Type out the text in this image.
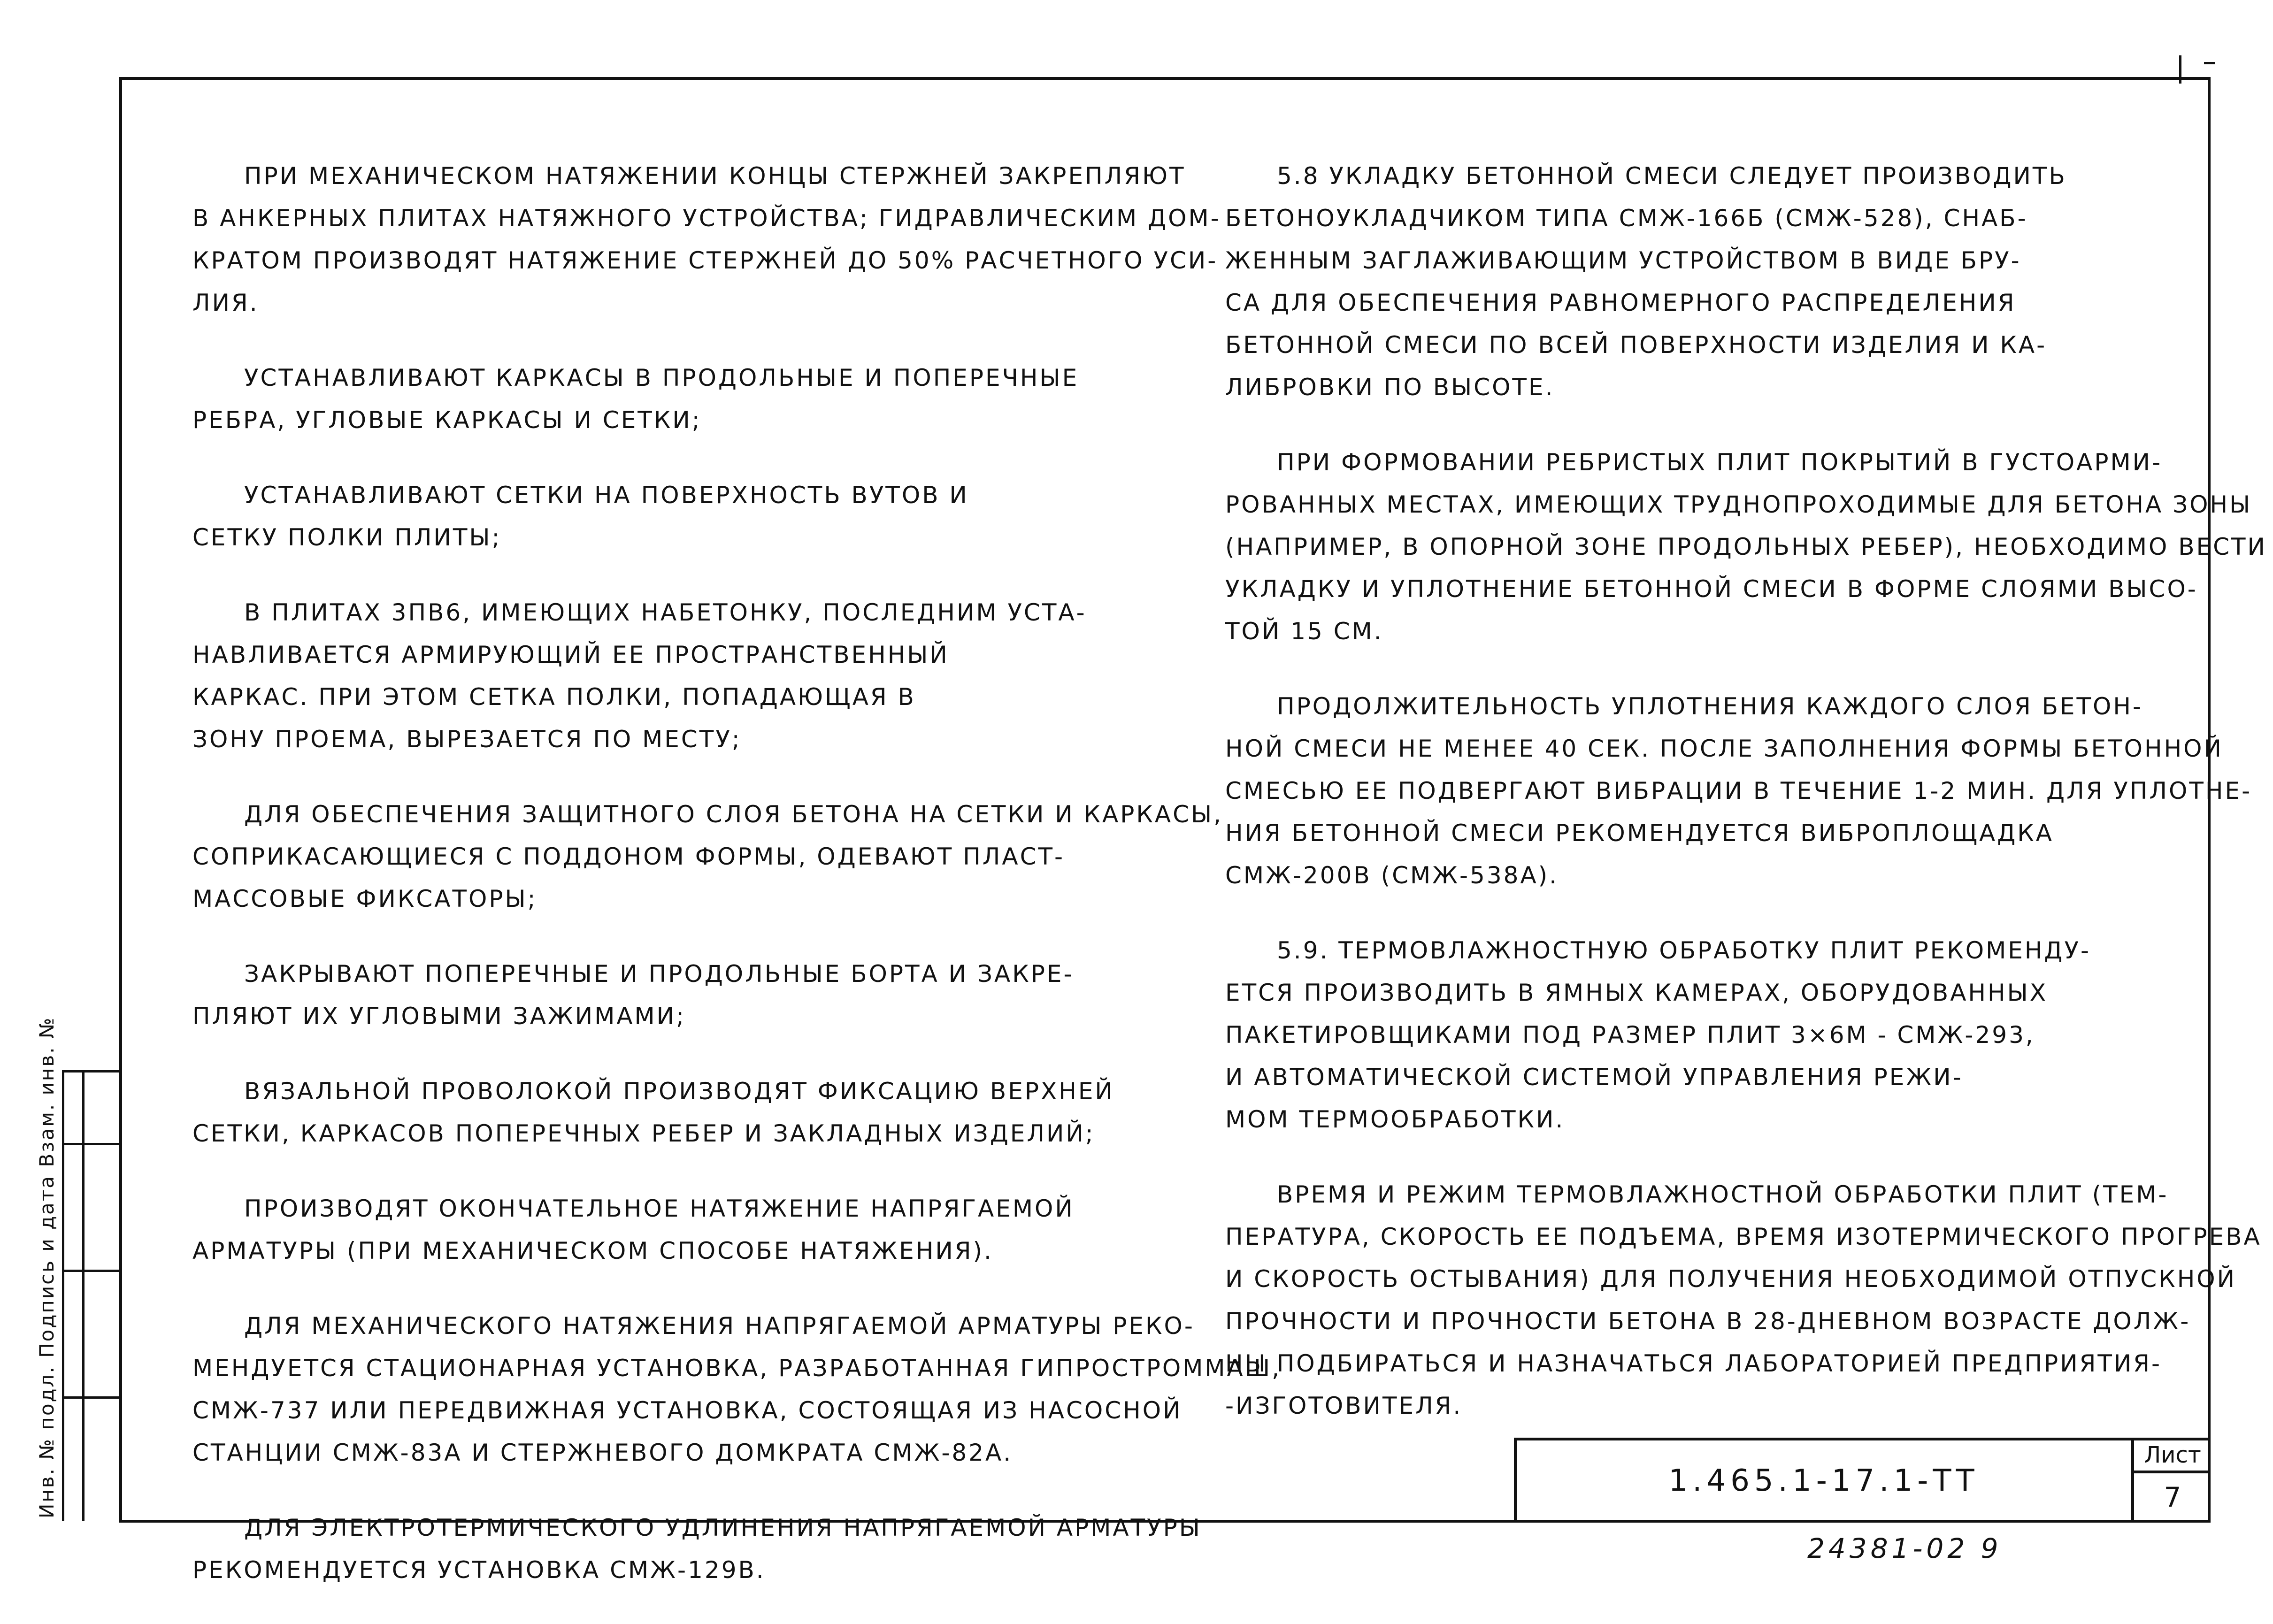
ПРИ МЕХАНИЧЕСКОМ НАТЯЖЕНИИ КОНЦЫ СТЕРЖНЕЙ ЗАКРЕПЛЯЮТ
В АНКЕРНЫХ ПЛИТАХ НАТЯЖНОГО УСТРОЙСТВА; ГИДРАВЛИЧЕСКИМ ДОМ-
КРАТОМ ПРОИЗВОДЯТ НАТЯЖЕНИЕ СТЕРЖНЕЙ ДО 50% РАСЧЕТНОГО УСИ-
ЛИЯ.
УСТАНАВЛИВАЮТ КАРКАСЫ В ПРОДОЛЬНЫЕ И ПОПЕРЕЧНЫЕ
РЕБРА, УГЛОВЫЕ КАРКАСЫ И СЕТКИ;
УСТАНАВЛИВАЮТ СЕТКИ НА ПОВЕРХНОСТЬ ВУТОВ И
СЕТКУ ПОЛКИ ПЛИТЫ;
В ПЛИТАХ 3ПВ6, ИМЕЮЩИХ НАБЕТОНКУ, ПОСЛЕДНИМ УСТА-
НАВЛИВАЕТСЯ АРМИРУЮЩИЙ ЕЕ ПРОСТРАНСТВЕННЫЙ
КАРКАС. ПРИ ЭТОМ СЕТКА ПОЛКИ, ПОПАДАЮЩАЯ В
ЗОНУ ПРОЕМА, ВЫРЕЗАЕТСЯ ПО МЕСТУ;
ДЛЯ ОБЕСПЕЧЕНИЯ ЗАЩИТНОГО СЛОЯ БЕТОНА НА СЕТКИ И КАРКАСЫ,
СОПРИКАСАЮЩИЕСЯ С ПОДДОНОМ ФОРМЫ, ОДЕВАЮТ ПЛАСТ-
МАССОВЫЕ ФИКСАТОРЫ;
ЗАКРЫВАЮТ ПОПЕРЕЧНЫЕ И ПРОДОЛЬНЫЕ БОРТА И ЗАКРЕ-
ПЛЯЮТ ИХ УГЛОВЫМИ ЗАЖИМАМИ;
ВЯЗАЛЬНОЙ ПРОВОЛОКОЙ ПРОИЗВОДЯТ ФИКСАЦИЮ ВЕРХНЕЙ
СЕТКИ, КАРКАСОВ ПОПЕРЕЧНЫХ РЕБЕР И ЗАКЛАДНЫХ ИЗДЕЛИЙ;
ПРОИЗВОДЯТ ОКОНЧАТЕЛЬНОЕ НАТЯЖЕНИЕ НАПРЯГАЕМОЙ
АРМАТУРЫ (ПРИ МЕХАНИЧЕСКОМ СПОСОБЕ НАТЯЖЕНИЯ).
ДЛЯ МЕХАНИЧЕСКОГО НАТЯЖЕНИЯ НАПРЯГАЕМОЙ АРМАТУРЫ РЕКО-
МЕНДУЕТСЯ СТАЦИОНАРНАЯ УСТАНОВКА, РАЗРАБОТАННАЯ ГИПРОСТРОММАШ,
СМЖ-737 ИЛИ ПЕРЕДВИЖНАЯ УСТАНОВКА, СОСТОЯЩАЯ ИЗ НАСОСНОЙ
СТАНЦИИ СМЖ-83А И СТЕРЖНЕВОГО ДОМКРАТА СМЖ-82А.
ДЛЯ ЭЛЕКТРОТЕРМИЧЕСКОГО УДЛИНЕНИЯ НАПРЯГАЕМОЙ АРМАТУРЫ
РЕКОМЕНДУЕТСЯ УСТАНОВКА СМЖ-129В.
5.8 УКЛАДКУ БЕТОННОЙ СМЕСИ СЛЕДУЕТ ПРОИЗВОДИТЬ
БЕТОНОУКЛАДЧИКОМ ТИПА СМЖ-166Б (СМЖ-528), СНАБ-
ЖЕННЫМ ЗАГЛАЖИВАЮЩИМ УСТРОЙСТВОМ В ВИДЕ БРУ-
СА ДЛЯ ОБЕСПЕЧЕНИЯ РАВНОМЕРНОГО РАСПРЕДЕЛЕНИЯ
БЕТОННОЙ СМЕСИ ПО ВСЕЙ ПОВЕРХНОСТИ ИЗДЕЛИЯ И КА-
ЛИБРОВКИ ПО ВЫСОТЕ.
ПРИ ФОРМОВАНИИ РЕБРИСТЫХ ПЛИТ ПОКРЫТИЙ В ГУСТОАРМИ-
РОВАННЫХ МЕСТАХ, ИМЕЮЩИХ ТРУДНОПРОХОДИМЫЕ ДЛЯ БЕТОНА ЗОНЫ
(НАПРИМЕР, В ОПОРНОЙ ЗОНЕ ПРОДОЛЬНЫХ РЕБЕР), НЕОБХОДИМО ВЕСТИ
УКЛАДКУ И УПЛОТНЕНИЕ БЕТОННОЙ СМЕСИ В ФОРМЕ СЛОЯМИ ВЫСО-
ТОЙ 15 СМ.
ПРОДОЛЖИТЕЛЬНОСТЬ УПЛОТНЕНИЯ КАЖДОГО СЛОЯ БЕТОН-
НОЙ СМЕСИ НЕ МЕНЕЕ 40 СЕК. ПОСЛЕ ЗАПОЛНЕНИЯ ФОРМЫ БЕТОННОЙ
СМЕСЬЮ ЕЕ ПОДВЕРГАЮТ ВИБРАЦИИ В ТЕЧЕНИЕ 1-2 МИН. ДЛЯ УПЛОТНЕ-
НИЯ БЕТОННОЙ СМЕСИ РЕКОМЕНДУЕТСЯ ВИБРОПЛОЩАДКА
СМЖ-200В (СМЖ-538А).
5.9. ТЕРМОВЛАЖНОСТНУЮ ОБРАБОТКУ ПЛИТ РЕКОМЕНДУ-
ЕТСЯ ПРОИЗВОДИТЬ В ЯМНЫХ КАМЕРАХ, ОБОРУДОВАННЫХ
ПАКЕТИРОВЩИКАМИ ПОД РАЗМЕР ПЛИТ 3×6М - СМЖ-293,
И АВТОМАТИЧЕСКОЙ СИСТЕМОЙ УПРАВЛЕНИЯ РЕЖИ-
МОМ ТЕРМООБРАБОТКИ.
ВРЕМЯ И РЕЖИМ ТЕРМОВЛАЖНОСТНОЙ ОБРАБОТКИ ПЛИТ (ТЕМ-
ПЕРАТУРА, СКОРОСТЬ ЕЕ ПОДЪЕМА, ВРЕМЯ ИЗОТЕРМИЧЕСКОГО ПРОГРЕВА
И СКОРОСТЬ ОСТЫВАНИЯ) ДЛЯ ПОЛУЧЕНИЯ НЕОБХОДИМОЙ ОТПУСКНОЙ
ПРОЧНОСТИ И ПРОЧНОСТИ БЕТОНА В 28-ДНЕВНОМ ВОЗРАСТЕ ДОЛЖ-
НЫ ПОДБИРАТЬСЯ И НАЗНАЧАТЬСЯ ЛАБОРАТОРИЕЙ ПРЕДПРИЯТИЯ-
-ИЗГОТОВИТЕЛЯ.
Инв. № подл. Подпись и дата Взам. инв. №	1.465.1-17.1-ТТ
Лист
7
24381-02 9
